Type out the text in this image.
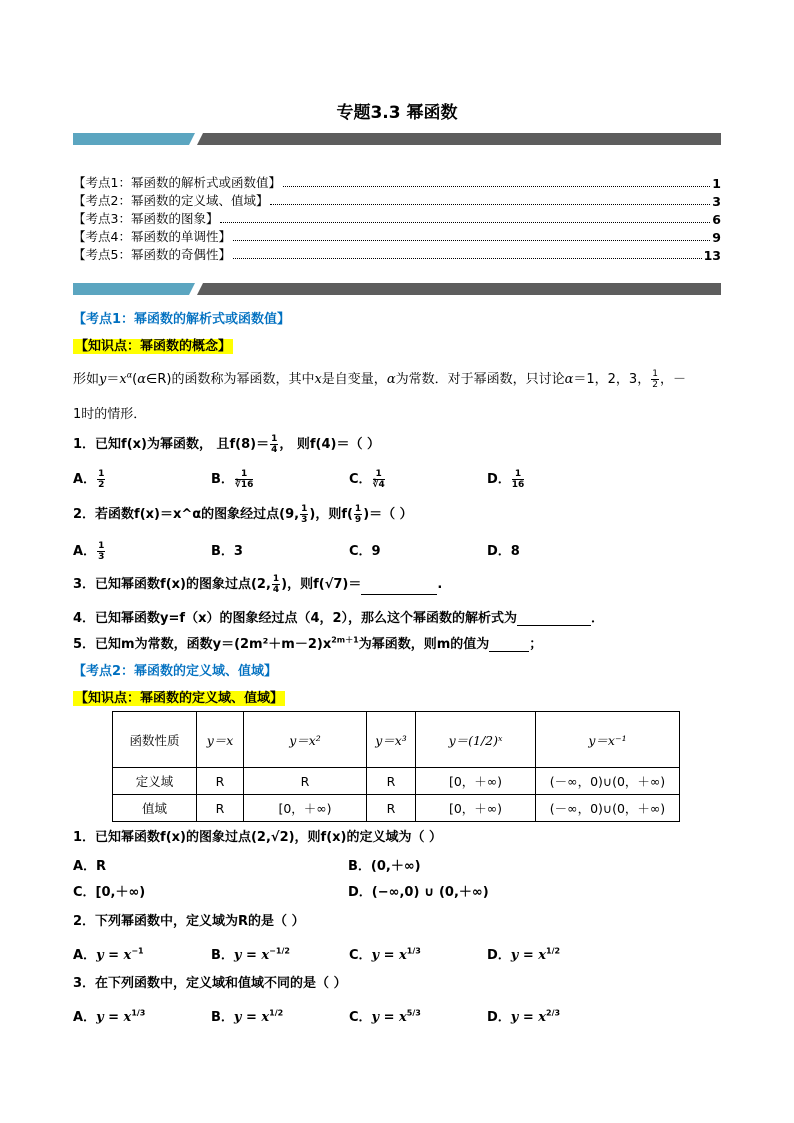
专题3.3 幂函数
【考点1：幂函数的解析式或函数值】	1
【考点2：幂函数的定义域、值域】	3
【考点3：幂函数的图象】	6
【考点4：幂函数的单调性】	9
【考点5：幂函数的奇偶性】	13
【考点1：幂函数的解析式或函数值】
【知识点：幂函数的概念】
形如$y=x^\alpha(\alpha\in R)$的函数称为幂函数，其中x是自变量，α为常数．对于幂函数，只讨论α＝1，2，3， $\frac{1}{2}$ ，－
1时的情形．
1．已知f(x)为幂函数， 且$f(8)= \frac{1}{4}$ ， 则f(4)＝（ ）
A． $\frac{1}{2}$	B． $\frac{1}{∛16}$	C． $\frac{1}{∛4}$	D． $\frac{1}{16}$
2．若函数f(x)＝x^α的图象经过点(9, $\frac{1}{3}$ )，则$f( \frac{1}{9}$ )＝（ ）
A． $\frac{1}{3}$	B．3	C．9	D．8
3．已知幂函数f(x)的图象过点(2, $\frac{1}{4}$ )，则f(√7)＝	.
4．已知幂函数y=f（x）的图象经过点（4，2），那么这个幂函数的解析式为	．
5．已知m为常数，函数$y=(2m^2+m-2)x^{2m+1}$为幂函数，则m的值为	；
【考点2：幂函数的定义域、值域】
【知识点：幂函数的定义域、值域】
函数性质	y＝x	y＝x²	y＝x³	y＝(1/2)ˣ	y＝x⁻¹
定义域	R	R	R	[0，＋∞)	(－∞，0)∪(0，＋∞)
值域	R	[0，＋∞)	R	[0，＋∞)	(－∞，0)∪(0，＋∞)
1．已知幂函数f(x)的图象过点(2,√2)，则f(x)的定义域为（ ）
A．R	B．(0,＋∞)
C．[0,＋∞)	D．(−∞,0) ∪ (0,＋∞)
2．下列幂函数中，定义域为R的是（ ）
A．$y = x^{-1}$	B．$y = x^{-1/2}$	C．$y = x^{1/3}$	D．$y = x^{1/2}$
3．在下列函数中，定义域和值域不同的是（ ）
A．$y = x^{1/3}$	B．$y = x^{1/2}$	C．$y = x^{5/3}$	D．$y = x^{2/3}$
